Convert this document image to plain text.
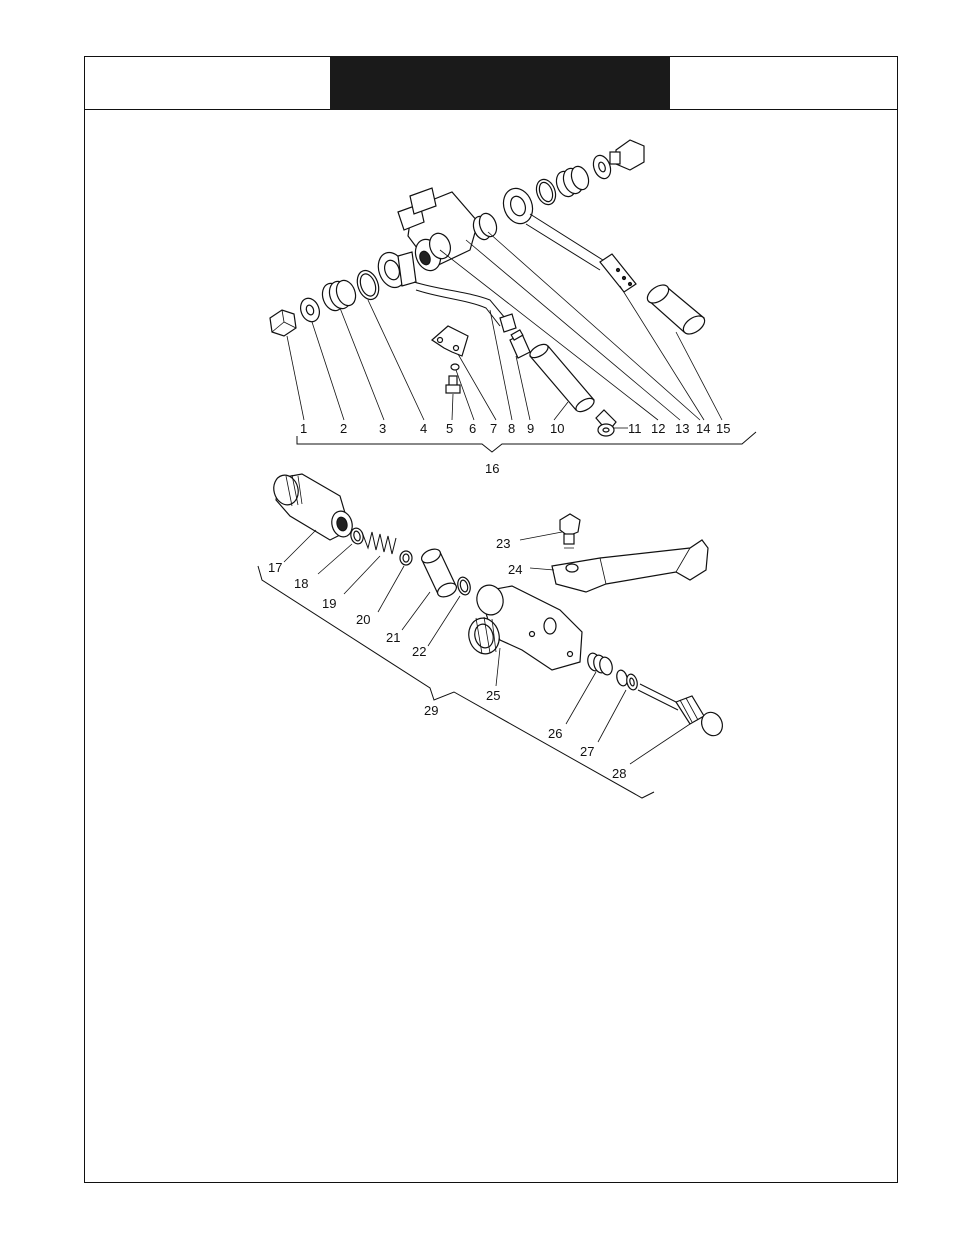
1	2 3	4 5 6 7 8 9 10	11 12 13 14 15
16
17
18
19
20
21
22
23
24
25
26
27
28
29
